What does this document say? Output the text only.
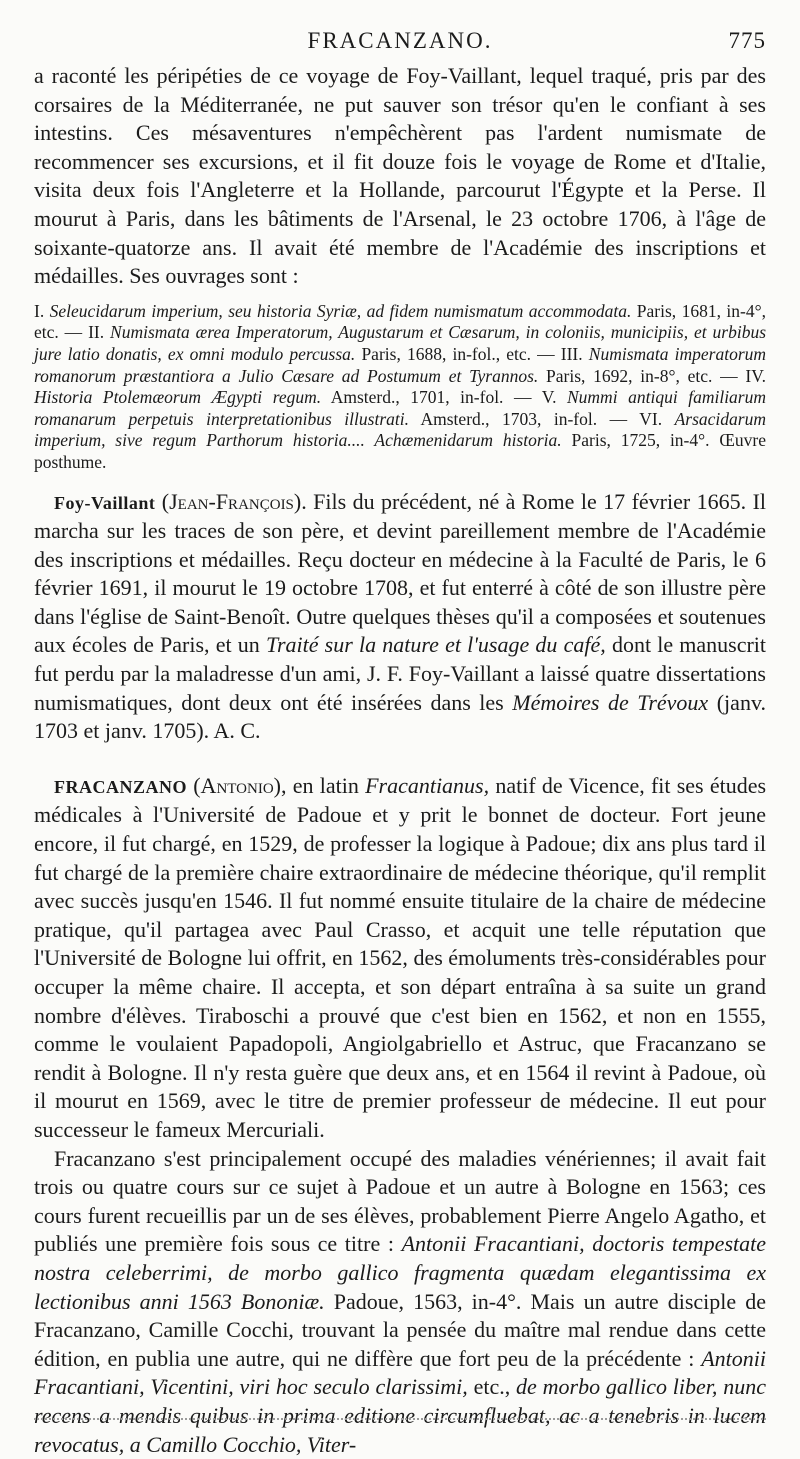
FRACANZANO.	775

a raconté les péripéties de ce voyage de Foy-Vaillant, lequel traqué, pris par des corsaires de la Méditerranée, ne put sauver son trésor qu'en le confiant à ses intestins. Ces mésaventures n'empêchèrent pas l'ardent numismate de recommencer ses excursions, et il fit douze fois le voyage de Rome et d'Italie, visita deux fois l'Angleterre et la Hollande, parcourut l'Égypte et la Perse. Il mourut à Paris, dans les bâtiments de l'Arsenal, le 23 octobre 1706, à l'âge de soixante-quatorze ans. Il avait été membre de l'Académie des inscriptions et médailles. Ses ouvrages sont :

I. Seleucidarum imperium, seu historia Syriæ, ad fidem numismatum accommodata. Paris, 1681, in-4°, etc. — II. Numismata ærea Imperatorum, Augustarum et Cæsarum, in coloniis, municipiis, et urbibus jure latio donatis, ex omni modulo percussa. Paris, 1688, in-fol., etc. — III. Numismata imperatorum romanorum præstantiora a Julio Cæsare ad Postumum et Tyrannos. Paris, 1692, in-8°, etc. — IV. Historia Ptolemæorum Ægypti regum. Amsterd., 1701, in-fol. — V. Nummi antiqui familiarum romanarum perpetuis interpretationibus illustrati. Amsterd., 1703, in-fol. — VI. Arsacidarum imperium, sive regum Parthorum historia.... Achæmenidarum historia. Paris, 1725, in-4°. Œuvre posthume.

Foy-Vaillant (Jean-François). Fils du précédent, né à Rome le 17 février 1665. Il marcha sur les traces de son père, et devint pareillement membre de l'Académie des inscriptions et médailles. Reçu docteur en médecine à la Faculté de Paris, le 6 février 1691, il mourut le 19 octobre 1708, et fut enterré à côté de son illustre père dans l'église de Saint-Benoît. Outre quelques thèses qu'il a composées et soutenues aux écoles de Paris, et un Traité sur la nature et l'usage du café, dont le manuscrit fut perdu par la maladresse d'un ami, J. F. Foy-Vaillant a laissé quatre dissertations numismatiques, dont deux ont été insérées dans les Mémoires de Trévoux (janv. 1703 et janv. 1705). A. C.

FRACANZANO (Antonio), en latin Fracantianus, natif de Vicence, fit ses études médicales à l'Université de Padoue et y prit le bonnet de docteur. Fort jeune encore, il fut chargé, en 1529, de professer la logique à Padoue; dix ans plus tard il fut chargé de la première chaire extraordinaire de médecine théorique, qu'il remplit avec succès jusqu'en 1546. Il fut nommé ensuite titulaire de la chaire de médecine pratique, qu'il partagea avec Paul Crasso, et acquit une telle réputation que l'Université de Bologne lui offrit, en 1562, des émoluments très-considérables pour occuper la même chaire. Il accepta, et son départ entraîna à sa suite un grand nombre d'élèves. Tiraboschi a prouvé que c'est bien en 1562, et non en 1555, comme le voulaient Papadopoli, Angiolgabriello et Astruc, que Fracanzano se rendit à Bologne. Il n'y resta guère que deux ans, et en 1564 il revint à Padoue, où il mourut en 1569, avec le titre de premier professeur de médecine. Il eut pour successeur le fameux Mercuriali.

Fracanzano s'est principalement occupé des maladies vénériennes; il avait fait trois ou quatre cours sur ce sujet à Padoue et un autre à Bologne en 1563; ces cours furent recueillis par un de ses élèves, probablement Pierre Angelo Agatho, et publiés une première fois sous ce titre : Antonii Fracantiani, doctoris tempestate nostra celeberrimi, de morbo gallico fragmenta quædam elegantissima ex lectionibus anni 1563 Bononiæ. Padoue, 1563, in-4°. Mais un autre disciple de Fracanzano, Camille Cocchi, trouvant la pensée du maître mal rendue dans cette édition, en publia une autre, qui ne diffère que fort peu de la précédente : Antonii Fracantiani, Vicentini, viri hoc seculo clarissimi, etc., de morbo gallico liber, nunc recens a mendis quibus in prima editione circumfluebat, ac a tenebris in lucem revocatus, a Camillo Cocchio, Viter-
